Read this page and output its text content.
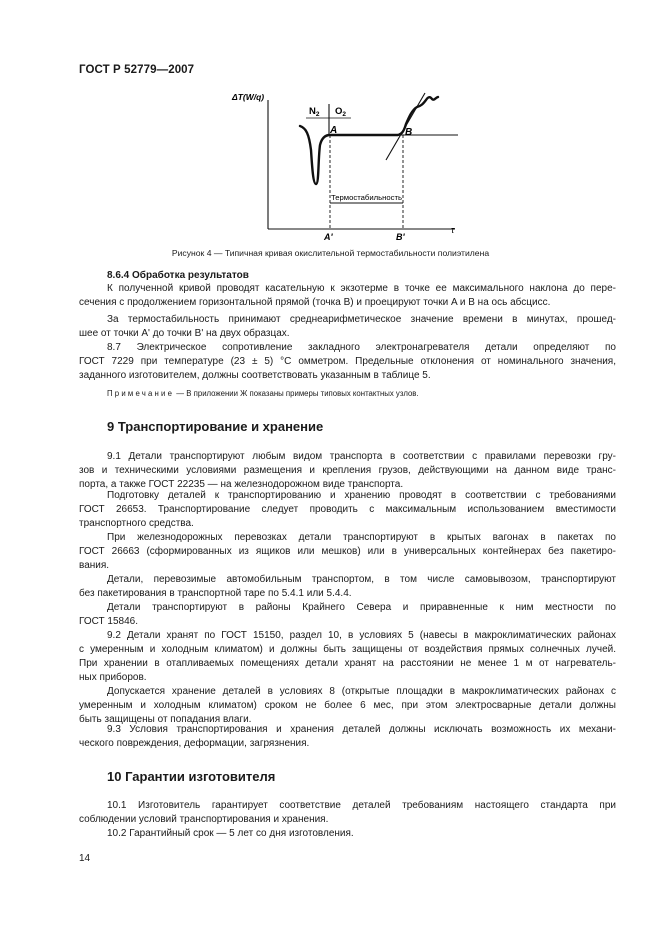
ГОСТ Р 52779—2007
ΔT(W/q)
τ
$N_2$ $O_2$
A	B
Термостабильность
A'	B'
Рисунок 4 — Типичная кривая окислительной термостабильности полиэтилена
8.6.4 Обработка результатов
К полученной кривой проводят касательную к экзотерме в точке ее максимального наклона до пере-
сечения с продолжением горизонтальной прямой (точка B) и проецируют точки A и B на ось абсцисс.
За термостабильность принимают среднеарифметическое значение времени в минутах, прошед-
шее от точки A' до точки B' на двух образцах.
8.7 Электрическое сопротивление закладного электронагревателя детали определяют по
ГОСТ 7229 при температуре (23 ± 5) °С омметром. Предельные отклонения от номинального значения,
заданного изготовителем, должны соответствовать указанным в таблице 5.
Примечание — В приложении Ж показаны примеры типовых контактных узлов.
9 Транспортирование и хранение
9.1 Детали транспортируют любым видом транспорта в соответствии с правилами перевозки гру-
зов и техническими условиями размещения и крепления грузов, действующими на данном виде транс-
порта, а также ГОСТ 22235 — на железнодорожном виде транспорта.
Подготовку деталей к транспортированию и хранению проводят в соответствии с требованиями
ГОСТ 26653. Транспортирование следует проводить с максимальным использованием вместимости
транспортного средства.
При железнодорожных перевозках детали транспортируют в крытых вагонах в пакетах по
ГОСТ 26663 (сформированных из ящиков или мешков) или в универсальных контейнерах без пакетиро-
вания.
Детали, перевозимые автомобильным транспортом, в том числе самовывозом, транспортируют
без пакетирования в транспортной таре по 5.4.1 или 5.4.4.
Детали транспортируют в районы Крайнего Севера и приравненные к ним местности по
ГОСТ 15846.
9.2 Детали хранят по ГОСТ 15150, раздел 10, в условиях 5 (навесы в макроклиматических районах
с умеренным и холодным климатом) и должны быть защищены от воздействия прямых солнечных лучей.
При хранении в отапливаемых помещениях детали хранят на расстоянии не менее 1 м от нагреватель-
ных приборов.
Допускается хранение деталей в условиях 8 (открытые площадки в макроклиматических районах с
умеренным и холодным климатом) сроком не более 6 мес, при этом электросварные детали должны
быть защищены от попадания влаги.
9.3 Условия транспортирования и хранения деталей должны исключать возможность их механи-
ческого повреждения, деформации, загрязнения.
10 Гарантии изготовителя
10.1 Изготовитель гарантирует соответствие деталей требованиям настоящего стандарта при
соблюдении условий транспортирования и хранения.
10.2 Гарантийный срок — 5 лет со дня изготовления.
14
